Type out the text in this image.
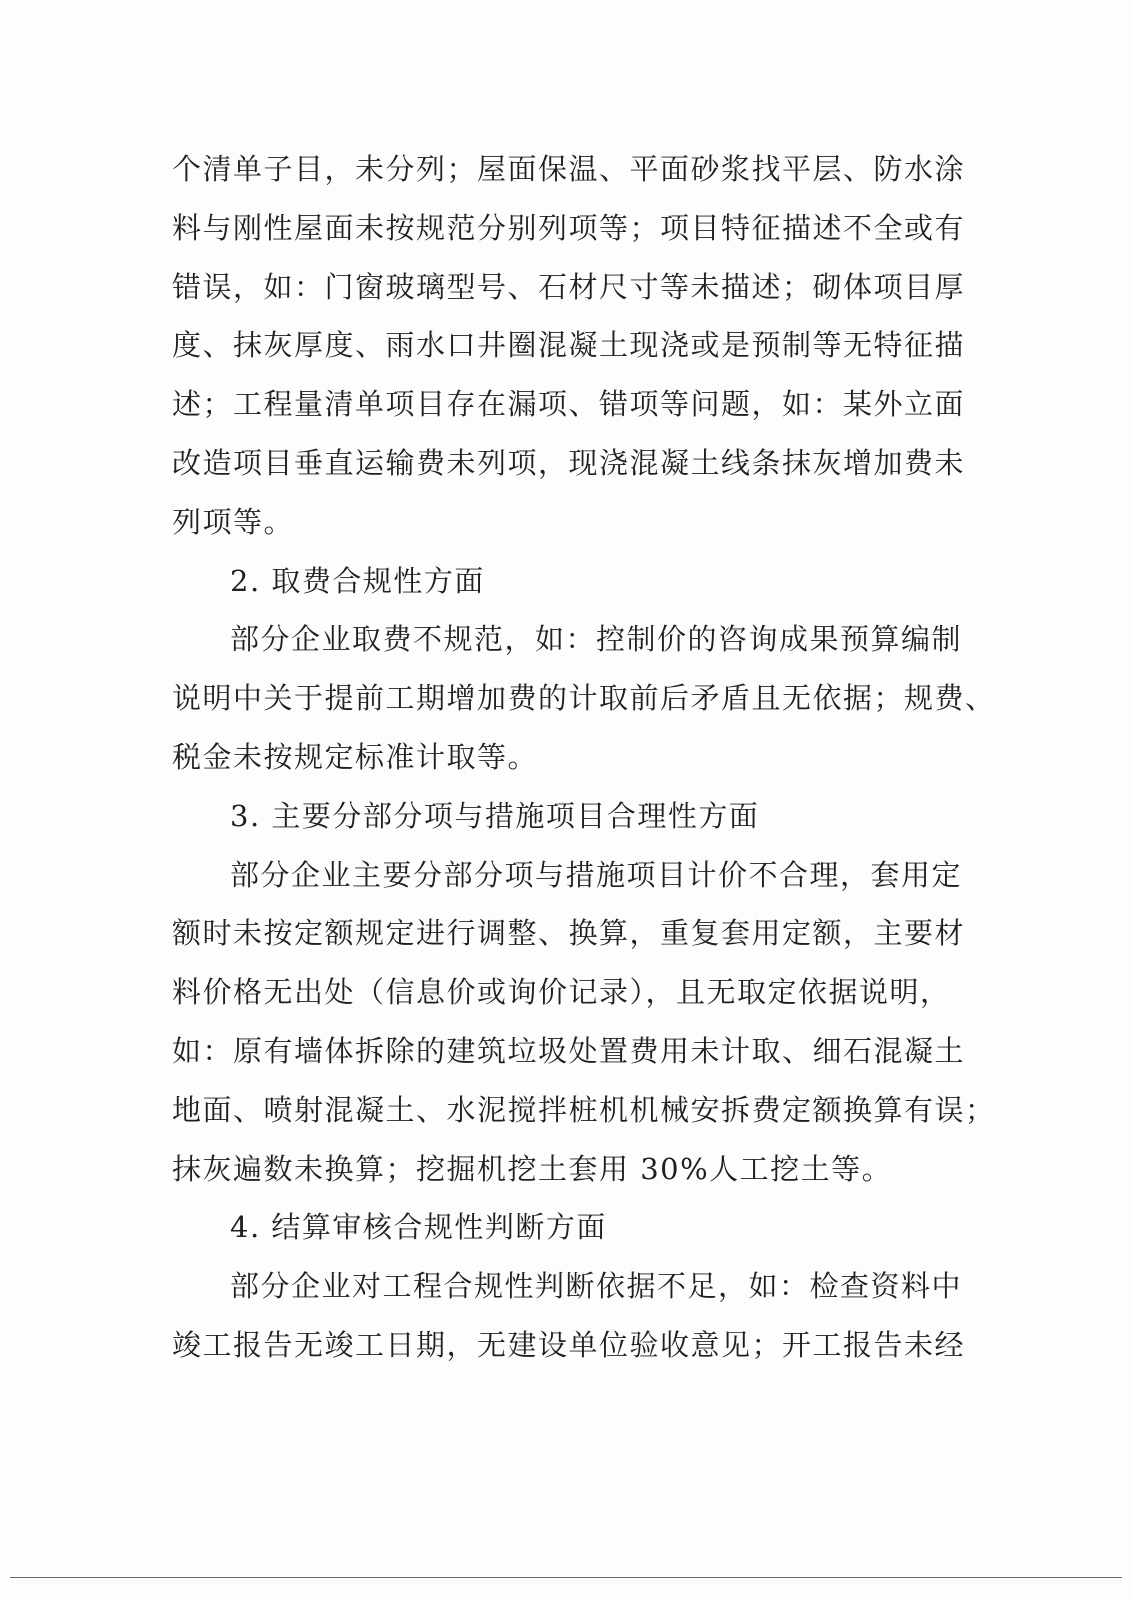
个清单子目，未分列；屋面保温、平面砂浆找平层、防水涂
料与刚性屋面未按规范分别列项等；项目特征描述不全或有
错误，如：门窗玻璃型号、石材尺寸等未描述；砌体项目厚
度、抹灰厚度、雨水口井圈混凝土现浇或是预制等无特征描
述；工程量清单项目存在漏项、错项等问题，如：某外立面
改造项目垂直运输费未列项，现浇混凝土线条抹灰增加费未
列项等。
2. 取费合规性方面
部分企业取费不规范，如：控制价的咨询成果预算编制
说明中关于提前工期增加费的计取前后矛盾且无依据；规费、
税金未按规定标准计取等。
3. 主要分部分项与措施项目合理性方面
部分企业主要分部分项与措施项目计价不合理，套用定
额时未按定额规定进行调整、换算，重复套用定额，主要材
料价格无出处（信息价或询价记录），且无取定依据说明，
如：原有墙体拆除的建筑垃圾处置费用未计取、细石混凝土
地面、喷射混凝土、水泥搅拌桩机机械安拆费定额换算有误；
抹灰遍数未换算；挖掘机挖土套用 30%人工挖土等。
4. 结算审核合规性判断方面
部分企业对工程合规性判断依据不足，如：检查资料中
竣工报告无竣工日期，无建设单位验收意见；开工报告未经
